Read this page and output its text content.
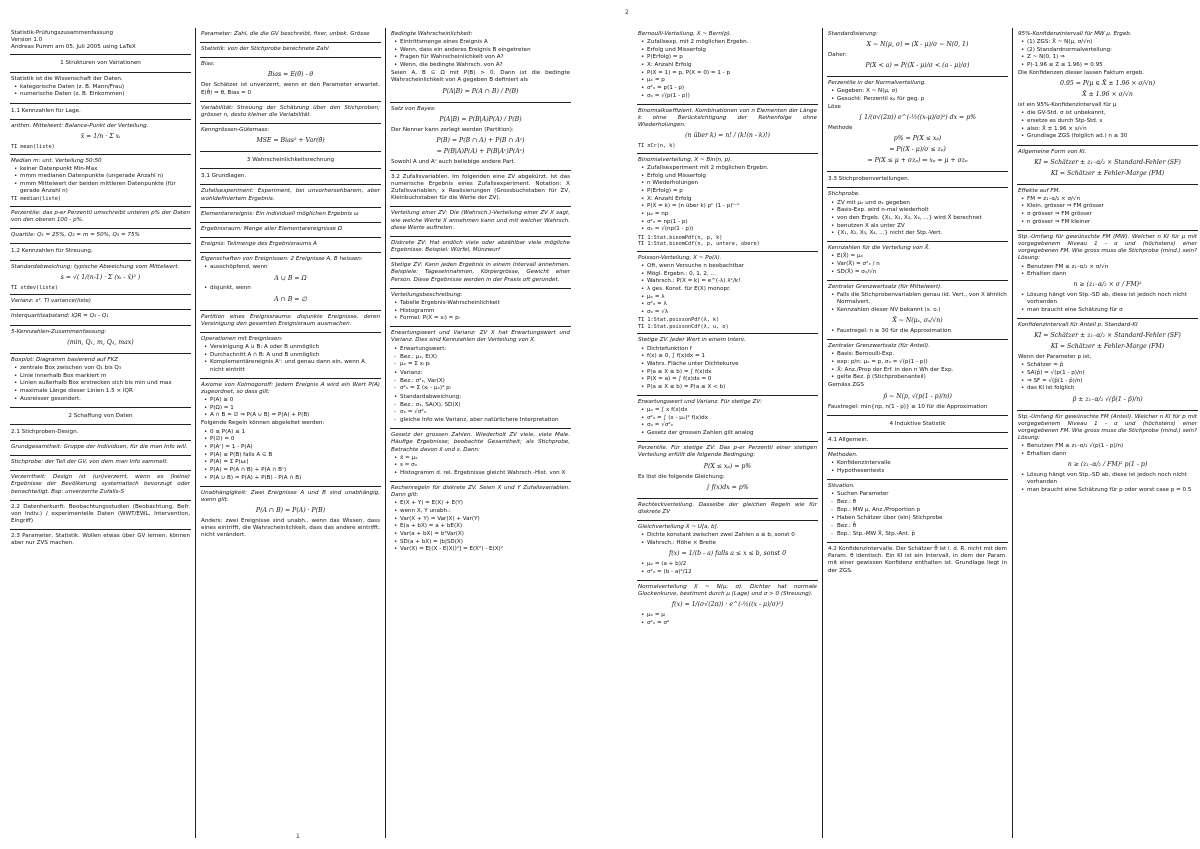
Statistik-Prüfungszusammenfassung
Version 1.0
Andreas Pumm am 05. Juli 2005 using LaTeX
1 Strukturen von Variationen

Statistik ist die Wissenschaft der Daten.

• kategorische Daten (z. B. Mann/Frau)
• numerische Daten (z. B. Einkommen)
1.1 Kennzahlen für Lage.

arithm. Mittelwert: Balance-Punkt der Verteilung.

x̄ = 1/n · Σ xᵢ
TI mean(liste)

Median m: unt. Verteilung 50:50

• keiner Datenpunkt Min-Max
• mmm medianen Datenpunkte (ungerade Anzahl n)
• mmm Mittelwert der beiden mittleren Datenpunkte (für gerade Anzahl n)
TI median(liste)

Perzentile: das p-er Perzentil umschreibt unteren p% der Daten von den oberen 100 - p%.

Quartile: Q₁ = 25%, Q₂ = m = 50%, Q₃ = 75%

1.2 Kennzahlen für Streuung.

Standardabweichung: typische Abweichung vom Mittelwert.

s = √( 1/(n-1) · Σ (xᵢ - x̄)² )
TI stdev(liste)

Varianz: s². TI variance(liste)

Interquartilsabstand: IQR = Q₃ - Q₁

5-Kennzahlen-Zusammenfassung:

(min, Q₁, m, Q₃, max)

Boxplot: Diagramm basierend auf FKZ

• zentrale Box zwischen von Q₁ bis Q₃
• Linie innerhalb Box markiert m
• Linien außerhalb Box erstrecken sich bis min und max
• maximale Länge dieser Linien 1.5 × IQR
• Ausreisser gesondert.
2 Schaffung von Daten
2.1 Stichproben-Design.

Grundgesamtheit: Gruppe der Individuen, für die man Info will.

Stichprobe: der Teil der GV, von dem man Info sammelt.

Verzerrtheit: Design ist (un)verzerrt, wenn es (keine) Ergebnisse der Bevölkerung systematisch bevorzugt oder benachteiligt. Bsp: unverzerrte Zufalls-S

2.2 Datenherkunft. Beobachtungsstudien (Beobachtung, Befr. von Indiv.) / experimentelle Daten (WWT/EWL, Intervention, Eingriff)

2.3 Parameter, Statistik. Wollen etwas über GV lernen, können aber nur ZVS machen.

Parameter: Zahl, die die GV beschreibt, fixer, unbek. Grösse

Statistik: von der Stichprobe berechnete Zahl

Bias:

Bias = E(θ̂) - θ

Der Schätzer ist unverzerrt, wenn er den Parameter erwartet. E(θ̂) = θ, Bias = 0

Variabilität: Streuung der Schätzung über den Stichproben; grösser n, desto kleiner die Variabilität.

Kenngrössen-Gütemass:

MSE = Bias² + Var(θ̂)
3 Wahrscheinlichkeitsrechnung
3.1 Grundlagen.

Zufallsexperiment: Experiment, bei unvorhersehbarem, aber wohldefiniertem Ergebnis.

Elementarereignis: Ein individuell möglichen Ergebnis ω

Ergebnisraum: Menge aller Elementarereignisse Ω

Ereignis: Teilmenge des Ergebnisraums A

Eigenschaften von Ereignissen: 2 Ereignisse A, B heissen:

• ausschöpfend, wenn
A ∪ B = Ω
• disjunkt, wenn
A ∩ B = ∅

Partition eines Ereignisraums: disjunkte Ereignisse, deren Vereinigung den gesamten Ereignisraum ausmachen.

Operationen mit Ereignissen:

• Vereinigung A ∪ B: A oder B unmöglich
• Durchschnitt A ∩ B: A und B unmöglich
• Komplementärereignis Aᶜ: und genau dann ein, wenn A nicht eintritt

Axiome von Kolmogoroff: Jedem Ereignis A wird ein Wert P(A) zugeordnet, so dass gilt:

• P(A) ≥ 0
• P(Ω) = 1
• A ∩ B = ∅ ⇒ P(A ∪ B) = P(A) + P(B)

Folgende Regeln können abgeleitet werden:

• 0 ≤ P(A) ≤ 1
• P(∅) = 0
• P(Aᶜ) = 1 - P(A)
• P(A) ≤ P(B) falls A ⊆ B
• P(A) = Σ P(ωᵢ)
• P(A) = P(A ∩ B) + P(A ∩ Bᶜ)
• P(A ∪ B) = P(A) + P(B) - P(A ∩ B)

Unabhängigkeit: Zwei Ereignisse A und B sind unabhängig, wenn gilt:

P(A ∩ B) = P(A) · P(B)

Anders: zwei Ereignisse sind unabh., wenn das Wissen, dass eines eintrifft, die Wahrscheinlichkeit, dass das andere eintrifft, nicht verändert.

Bedingte Wahrscheinlichkeit:

• Eintrittsmenge eines Ereignis A
• Wenn, dass ein anderes Ereignis B eingetreten
• Fragen für Wahrscheinlichkeit von A?
• Wenn, die bedingte Wahrsch. von A?

Seien A, B ⊆ Ω mit P(B) > 0. Dann ist die bedingte Wahrscheinlichkeit von A gegeben B definiert als

P(A|B) = P(A ∩ B) / P(B)

Satz von Bayes:

P(A|B) = P(B|A)P(A) / P(B)

Der Nenner kann zerlegt werden (Partition):

P(B) = P(B ∩ A) + P(B ∩ Aᶜ)
= P(B|A)P(A) + P(B|Aᶜ)P(Aᶜ)

Sowohl A und Aᶜ auch beliebige andere Part.

3.2 Zufallsvariablen. Im folgenden eine ZV abgekürzt. Ist das numerische Ergebnis eines Zufallsexperiment. Notation: X Zufallsvariablen, x Realisierungen (Grossbuchstaben für ZV, Kleinbuchstaben für die Werte der ZV).

Verteilung einer ZV: Die (Wahrsch.)-Verteilung einer ZV X sagt, wie welche Werte X annehmen kann und mit welcher Wahrsch. diese Werte auftreten.

Diskrete ZV: Hat endlich viele oder abzählbar viele mögliche Ergebnisse. Beispiel: Würfel, Münzwurf

Stetige ZV: Kann jeden Ergebnis in einem Intervall annehmen. Beispiele: Tageseinnahmen, Körpergrösse, Gewicht einer Person. Diese Ergebnisse werden in der Praxis oft gerundet.

Verteilungsbeschreibung:

• Tabelle Ergebnis-Wahrscheinlichkeit
• Histogramm
• Formel: P(X = xᵢ) = pᵢ

Erwartungswert und Varianz: ZV X hat Erwartungswert und Varianz. Dies sind Kennzahlen der Verteilung von X.

• Erwartungswert:
- Bez.: μₓ, E(X)
- μₓ = Σ xᵢ pᵢ
• Varianz:
- Bez.: σ²ₓ, Var(X)
- σ²ₓ = Σ (xᵢ - μₓ)² pᵢ
• Standardabweichung:
- Bez.: σₓ, SA(X), SD(X)
- σₓ = √σ²ₓ
- gleiche Info wie Varianz, aber natürlichere Interpretation

Gesetz der grossen Zahlen. Wiederholt ZV viele, viele Male. Häufige Ergebnisse; beobachte Gesamtheit; als Stichprobe, Betrachte davon x̄ und s. Dann:

• x̄ ≈ μₓ
• s ≈ σₓ
• Histogramm d. rel. Ergebnisse gleicht Wahrsch.-Hist. von X

Rechenregeln für diskrete ZV. Seien X und Y Zufallsvariablen. Dann gilt:

• E(X + Y) = E(X) + E(Y)
• wenn X, Y unabh.:
• Var(X + Y) = Var(X) + Var(Y)
• E(a + bX) = a + bE(X)
• Var(a + bX) = b²Var(X)
• SD(a + bX) = |b|SD(X)
• Var(X) = E[(X - E(X))²] = E(X²) - E(X)²

Bernoulli-Verteilung, X ~ Bern(p).

• Zufallsexp. mit 2 möglichen Ergebn.
• Erfolg und Misserfolg
• P(Erfolg) = p
• X: Anzahl Erfolg
• P(X = 1) = p, P(X = 0) = 1 - p
• μₓ = p
• σ²ₓ = p(1 - p)
• σₓ = √(p(1 - p))

Binomialkoeffizient. Kombinationen von n Elementen der Länge k ohne Berücksichtigung der Reihenfolge ohne Wiederholungen:

(n über k) = n! / (k!(n - k)!)
TI nCr(n, k)

Binomialverteilung, X ~ Bin(n, p).

• Zufallsexperiment mit 2 möglichen Ergebn.
• Erfolg und Misserfolg
• n Wiederholungen
• P(Erfolg) = p
• X: Anzahl Erfolg
• P(X = k) = (n über k) pᵏ (1 - p)ⁿ⁻ᵏ
• μₓ = np
• σ²ₓ = np(1 - p)
• σₓ = √(np(1 - p))
TI 1:Stat.binomPdf(n, p, k)
TI 1:Stat.binomCdf(n, p, untere, obere)

Poisson-Verteilung, X ~ Po(λ).

• Oft, wenn Versuche n beobachtbar
• Mögl. Ergebn.: 0, 1, 2, ...
• Wahrsch.: P(X = k) = e^(-λ) λᵏ/k!
• λ ges. Konst. für E(X) monopr.
• μₓ = λ
• σ²ₓ = λ
• σₓ = √λ
TI 1:Stat.poissonPdf(λ, k)
TI 1:Stat.poissonCdf(λ, u, o)

Stetige ZV. Jeder Wert in einem Interv.

• Dichtefunktion f
• f(x) ≥ 0, ∫ f(x)dx = 1
• Wahrs. Fläche unter Dichtekurve
• P(a ≤ X ≤ b) = ∫ f(x)dx
• P(X = a) = ∫ f(x)dx = 0
• P(a ≤ X ≤ b) = P(a ≤ X < b)

Erwartungswert und Varianz. Für stetige ZV:

• μₓ = ∫ x f(x)dx
• σ²ₓ = ∫ (x - μₓ)² f(x)dx
• σₓ = √σ²ₓ
• Gesetz der grossen Zahlen gilt analog

Perzentile. Für stetige ZV: Das p-er Perzentil einer stetigen Verteilung erfüllt die folgende Bedingung:

P(X ≤ xₚ) = p%

Es löst die folgende Gleichung:

∫ f(x)dx = p%

Rechteckverteilung. Dasselbe der gleichen Regeln wie für diskrete ZV

Gleichverteilung X ~ U[a, b].

• Dichte konstant zwischen zwei Zahlen a ≤ b, sonst 0
• Wahrsch.: Höhe × Breite
f(x) = 1/(b - a) falls a ≤ x ≤ b, sonst 0
• μₓ = (a + b)/2
• σ²ₓ = (b - a)²/12

Normalverteilung X ~ N(μ, σ). Dichter hat normale Glockenkurve, bestimmt durch μ (Lage) und σ > 0 (Streuung).

f(x) = 1/(σ√(2π)) · e^(-½((x - μ)/σ)²)
• μₓ = μ
• σ²ₓ = σ²

Standardisierung:

X ~ N(μ, σ) ⇒ (X - μ)/σ ~ N(0, 1)

Daher:

P(X < a) = P((X - μ)/σ < (a - μ)/σ)

Perzentile in der Normalverteilung.

• Gegeben: X ~ N(μ, σ)
• Gesucht: Perzentil xₚ für geg. p

Löse

∫ 1/(σ√(2π)) e^(-½((x-μ)/σ)²) dx = p%

Methode

p% = P(X ≤ xₚ)
= P((X - μ)/σ ≤ zₚ)
= P(X ≤ μ + σzₚ) ⇒ xₚ = μ + σzₚ
3.3 Stichprobenverteilungen.

Stichprobe.

• ZV mit μₓ und σₓ gegeben
• Basis-Exp. wird n-mal wiederholt
• von den Ergeb. {X₁, X₂, X₃, X₄, ...} wird X̄ berechnet
• benutzen X als unter ZV
• {X₁, X₂, X₃, X₄, ...} nicht der Stp.-Vert.

Kennzahlen für die Verteilung von X̄.

• E(X̄) = μₓ
• Var(X̄) = σ²ₓ / n
• SD(X̄) = σₓ/√n

Zentraler Grenzwertsatz (für Mittelwert).

• Falls die Stichprobenvariablen genau iid. Vert., von X ähnlich Normalvert.
• Kennzahlen dieser NV bekannt (s. o.)
X̄ ~ N(μₓ, σₓ/√n)
• Faustregel: n ≥ 30 für die Approximation

Zentraler Grenzwertsatz (für Anteil).

• Basis: Bernoulli-Exp.
• exp: p/n: μₓ = p, σₓ = √(p(1 - p))
• X̄: Anz./Prop der Erf. in den n Wh der Exp.
• gelte Bez. p̂ (Stichprobenanteil)

Gemäss ZGS

p̂ ~ N(p, √(p(1 - p)/n))

Faustregel: min{np, n(1 - p)} ≥ 10 für die Approximation

4 Induktive Statistik
4.1 Allgemein.

Methoden.

• Konfidenzintervalle
• Hypothesentests

Situation.

• Suchen Parameter
- Bez.: θ
- Bsp.: MW μ, Anz./Proportion p
• Haben Schätzer über (ein) Stichprobe
- Bez.: θ̂
- Bsp.: Stp.-MW X̄, Stp.-Ant. p̂

4.2 Konfidenzintervalle. Der Schätzer θ̂ ist i. d. R. nicht mit dem Param. θ identisch. Ein KI ist ein Intervall, in dem der Param. mit einer gewissen Konfidenz enthalten ist. Grundlage liegt in der ZGS.

95%-Konfidenzintervall für MW μ. Ergeb.

• (1) ZGS: X̄ ~ N(μ, σ/√n)
• (2) Standardnormalverteilung:
• Z ~ N(0, 1) ⇒
• P(-1.96 ≤ Z ≤ 1.96) = 0.95

Die Konfidenzen dieser lassen Faktum ergeb.

0.95 = P(μ ∈ X̄ ± 1.96 × σ/√n)
X̄ ± 1.96 × σ/√n

ist ein 95%-Konfidenzintervall für μ

• die GV-Std. σ ist unbekannt,
• ersetze es durch Stp-Std. s
• also: X̄ ± 1.96 × s/√n
• Grundlage ZGS (folglich ad.) n ≥ 30

Allgemeine Form von KI.

KI = Schätzer ± z₁₋α/₂ × Standard-Fehler (SF)
KI = Schätzer ± Fehler-Marge (FM)

Effekte auf FM.

• FM = z₁₋α/₂ × σ/√n
• Klein. grösser ⇒ FM grösser
• σ grösser ⇒ FM grösser
• n grösser ⇒ FM kleiner

Stp.-Umfang für gewünschte FM (MW). Welcher n KI für μ mit vorgegebenem Niveau 1 - α und (höchstens) einer vorgegebenen FM. Wie gross muss die Stichprobe (mind.) sein? Lösung:

• Benutzen FM ≤ z₁₋α/₂ × σ/√n
• Erhalten dann
n ≥ (z₁₋α/₂ × σ / FM)²
• Lösung hängt von Stp.-SD ab, diese ist jedoch noch nicht vorhanden
• man braucht eine Schätzung für σ

Konfidenzintervall für Anteil p. Standard-KI

KI = Schätzer ± z₁₋α/₂ × Standard-Fehler (SF)
KI = Schätzer ± Fehler-Marge (FM)

Wenn der Parameter p ist,

• Schätzer = p̂
• SA(p̂) = √(p(1 - p)/n)
• ⇒ SF = √(p̂(1 - p̂)/n)
• das KI ist folglich
p̂ ± z₁₋α/₂ √(p̂(1 - p̂)/n)

Stp.-Umfang für gewünschte FM (Anteil). Welcher n KI für p mit vorgegebenem Niveau 1 - α und (höchstens) einer vorgegebenen FM. Wie gross muss die Stichprobe (mind.) sein? Lösung:

• Benutzen FM ≤ z₁₋α/₂ √(p(1 - p)/n)
• Erhalten dann
n ≥ (z₁₋α/₂ / FM)² p(1 - p)
• Lösung hängt von Stp.-SD ab, diese ist jedoch noch nicht vorhanden
• man braucht eine Schätzung für p oder worst case p = 0.5
1
2
